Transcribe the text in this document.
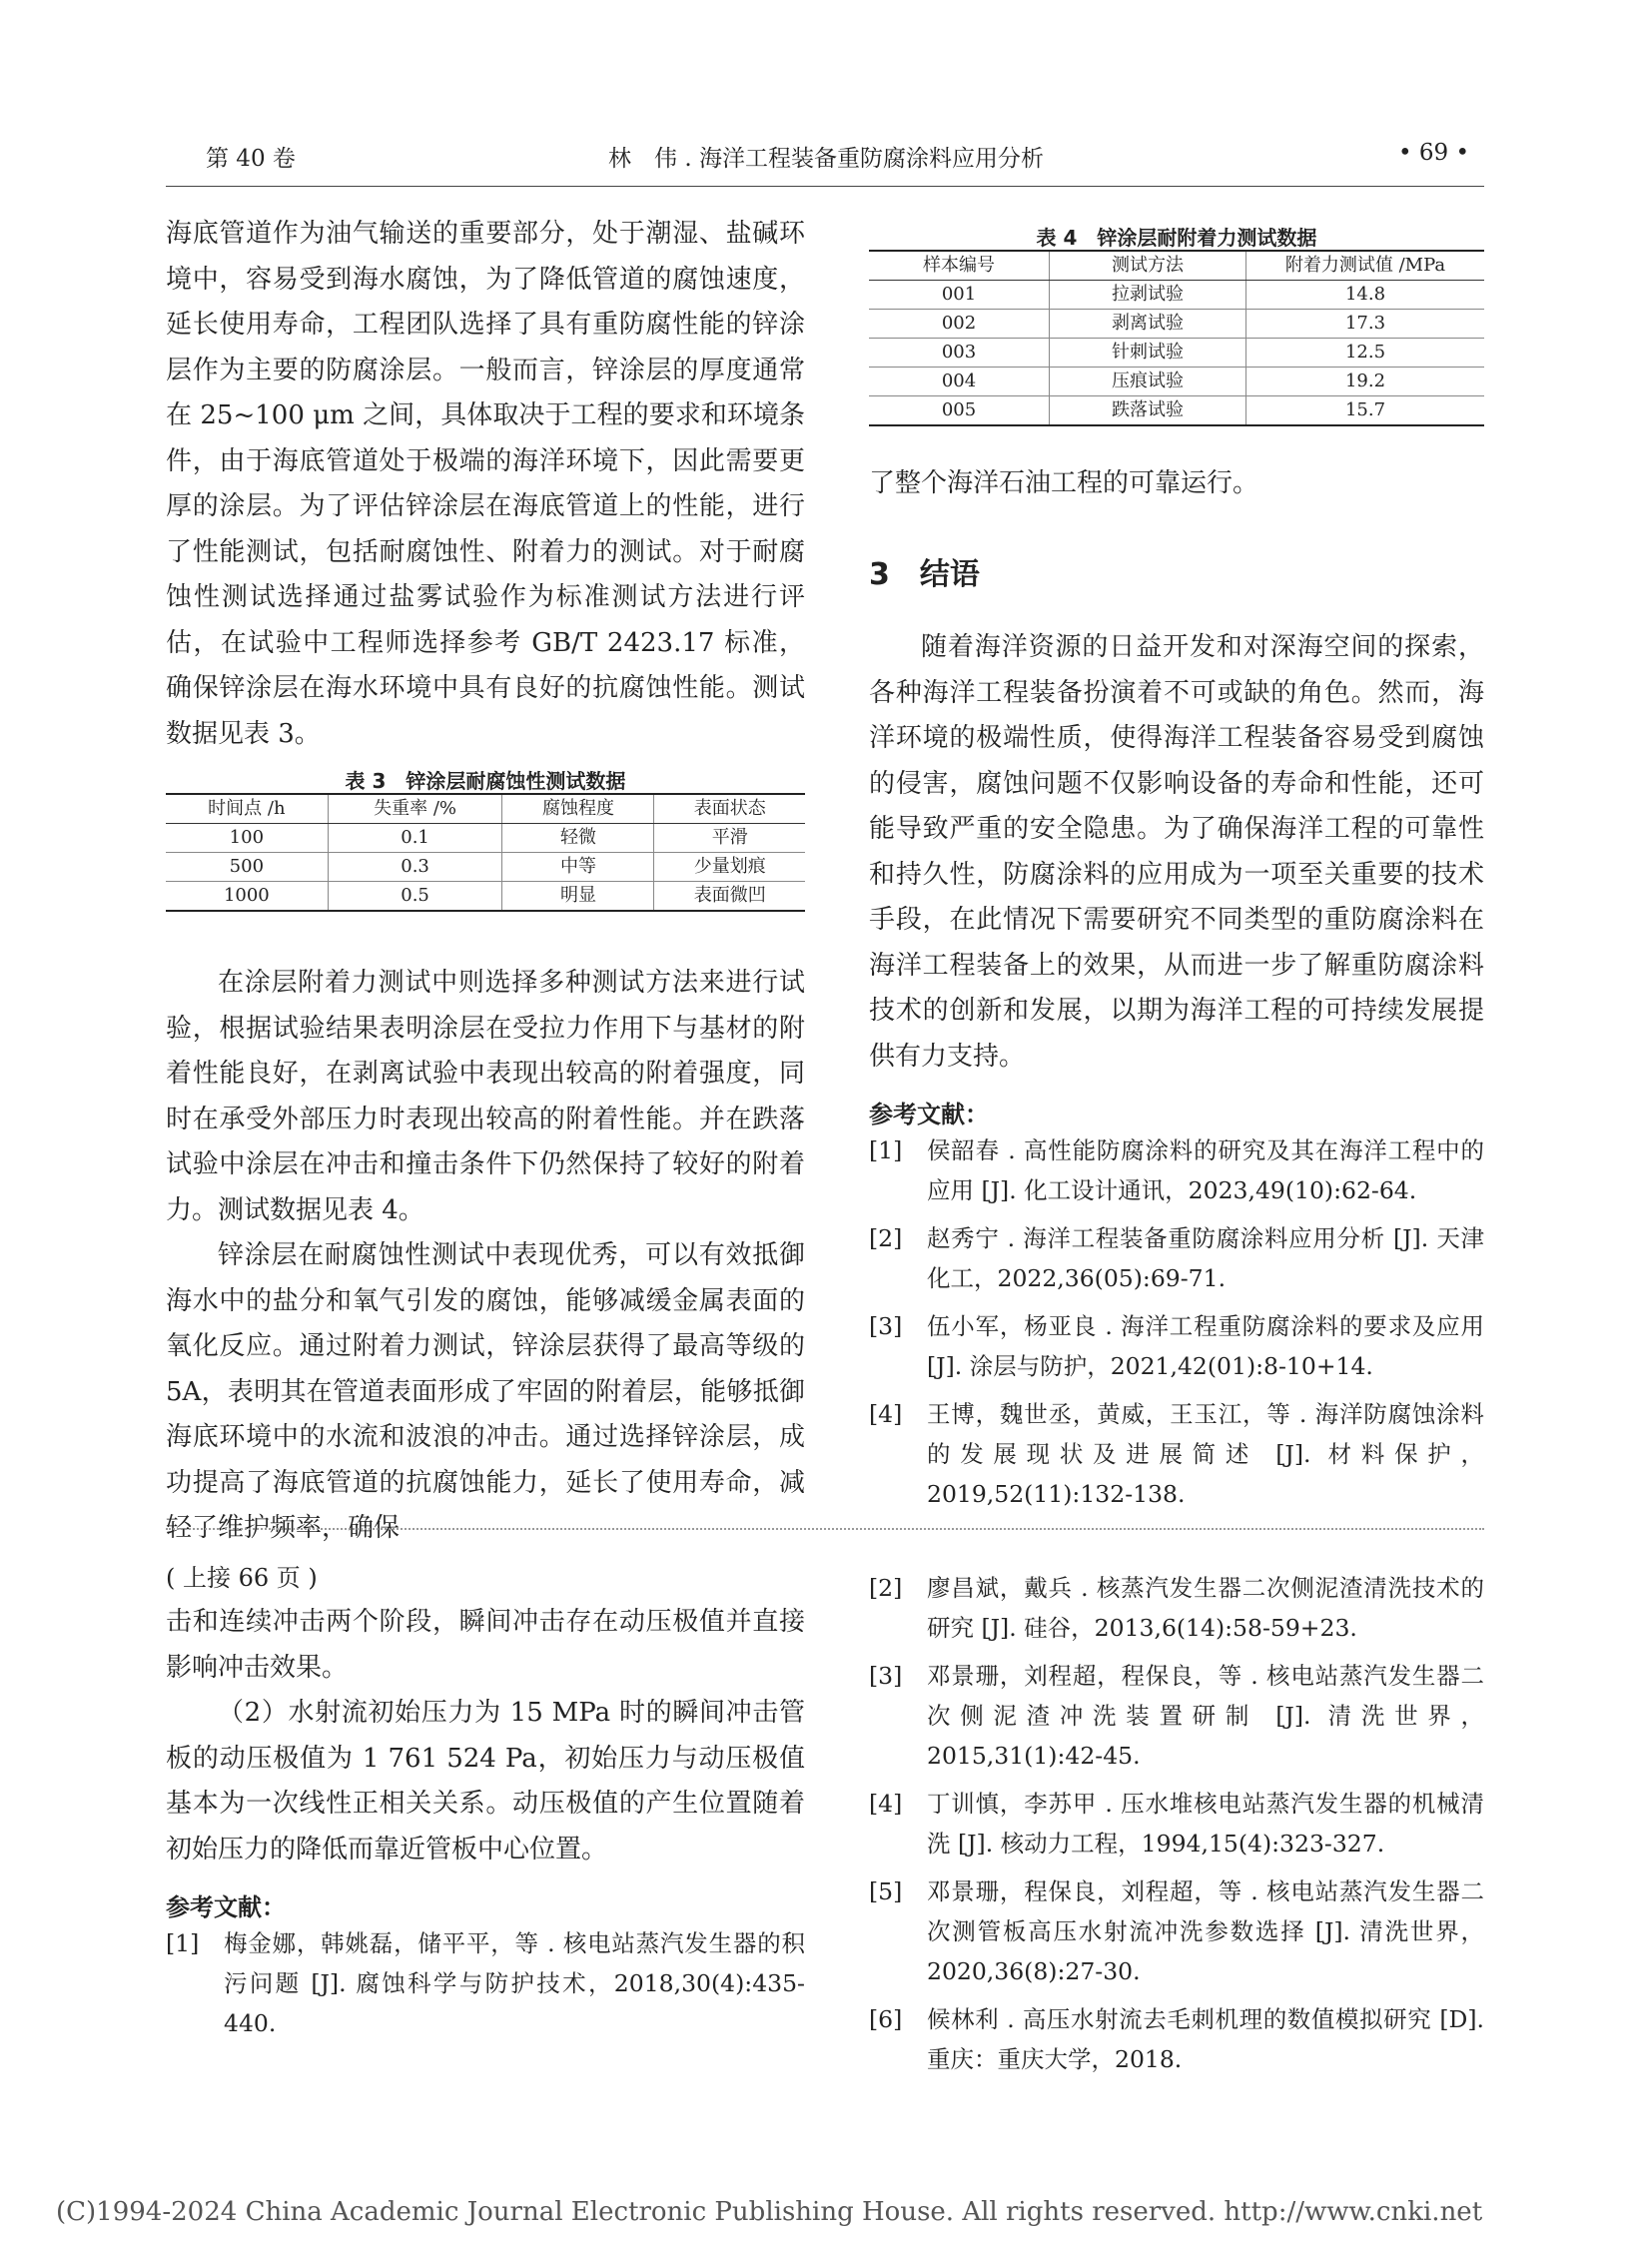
第 40 卷	林　伟 . 海洋工程装备重防腐涂料应用分析	• 69 •

海底管道作为油气输送的重要部分，处于潮湿、盐碱环境中，容易受到海水腐蚀，为了降低管道的腐蚀速度，延长使用寿命，工程团队选择了具有重防腐性能的锌涂层作为主要的防腐涂层。一般而言，锌涂层的厚度通常在 25~100 μm 之间，具体取决于工程的要求和环境条件，由于海底管道处于极端的海洋环境下，因此需要更厚的涂层。为了评估锌涂层在海底管道上的性能，进行了性能测试，包括耐腐蚀性、附着力的测试。对于耐腐蚀性测试选择通过盐雾试验作为标准测试方法进行评估，在试验中工程师选择参考 GB/T 2423.17 标准，确保锌涂层在海水环境中具有良好的抗腐蚀性能。测试数据见表 3。

表 3　锌涂层耐腐蚀性测试数据
时间点 /h	失重率 /%	腐蚀程度	表面状态
100	0.1	轻微	平滑
500	0.3	中等	少量划痕
1000	0.5	明显	表面微凹

在涂层附着力测试中则选择多种测试方法来进行试验，根据试验结果表明涂层在受拉力作用下与基材的附着性能良好，在剥离试验中表现出较高的附着强度，同时在承受外部压力时表现出较高的附着性能。并在跌落试验中涂层在冲击和撞击条件下仍然保持了较好的附着力。测试数据见表 4。

锌涂层在耐腐蚀性测试中表现优秀，可以有效抵御海水中的盐分和氧气引发的腐蚀，能够减缓金属表面的氧化反应。通过附着力测试，锌涂层获得了最高等级的 5A，表明其在管道表面形成了牢固的附着层，能够抵御海底环境中的水流和波浪的冲击。通过选择锌涂层，成功提高了海底管道的抗腐蚀能力，延长了使用寿命，减轻了维护频率，确保

表 4　锌涂层耐附着力测试数据
样本编号	测试方法	附着力测试值 /MPa
001	拉剥试验	14.8
002	剥离试验	17.3
003	针刺试验	12.5
004	压痕试验	19.2
005	跌落试验	15.7

了整个海洋石油工程的可靠运行。

3　结语

随着海洋资源的日益开发和对深海空间的探索，各种海洋工程装备扮演着不可或缺的角色。然而，海洋环境的极端性质，使得海洋工程装备容易受到腐蚀的侵害，腐蚀问题不仅影响设备的寿命和性能，还可能导致严重的安全隐患。为了确保海洋工程的可靠性和持久性，防腐涂料的应用成为一项至关重要的技术手段，在此情况下需要研究不同类型的重防腐涂料在海洋工程装备上的效果，从而进一步了解重防腐涂料技术的创新和发展，以期为海洋工程的可持续发展提供有力支持。

参考文献：
[1] 侯韶春 . 高性能防腐涂料的研究及其在海洋工程中的应用 [J]. 化工设计通讯，2023,49(10):62-64.
[2] 赵秀宁 . 海洋工程装备重防腐涂料应用分析 [J]. 天津化工，2022,36(05):69-71.
[3] 伍小军，杨亚良 . 海洋工程重防腐涂料的要求及应用 [J]. 涂层与防护，2021,42(01):8-10+14.
[4] 王博，魏世丞，黄威，王玉江，等 . 海洋防腐蚀涂料的发展现状及进展简述 [J]. 材料保护，2019,52(11):132-138.

( 上接 66 页 )

击和连续冲击两个阶段，瞬间冲击存在动压极值并直接影响冲击效果。

（2）水射流初始压力为 15 MPa 时的瞬间冲击管板的动压极值为 1 761 524 Pa，初始压力与动压极值基本为一次线性正相关关系。动压极值的产生位置随着初始压力的降低而靠近管板中心位置。

参考文献：
[1] 梅金娜，韩姚磊，储平平，等 . 核电站蒸汽发生器的积污问题 [J]. 腐蚀科学与防护技术，2018,30(4):435-440.
[2] 廖昌斌，戴兵 . 核蒸汽发生器二次侧泥渣清洗技术的研究 [J]. 硅谷，2013,6(14):58-59+23.
[3] 邓景珊，刘程超，程保良，等 . 核电站蒸汽发生器二次侧泥渣冲洗装置研制 [J]. 清洗世界，2015,31(1):42-45.
[4] 丁训慎，李苏甲 . 压水堆核电站蒸汽发生器的机械清洗 [J]. 核动力工程，1994,15(4):323-327.
[5] 邓景珊，程保良，刘程超，等 . 核电站蒸汽发生器二次测管板高压水射流冲洗参数选择 [J]. 清洗世界，2020,36(8):27-30.
[6] 候林利 . 高压水射流去毛刺机理的数值模拟研究 [D]. 重庆：重庆大学，2018.
(C)1994-2024 China Academic Journal Electronic Publishing House. All rights reserved. http://www.cnki.net
